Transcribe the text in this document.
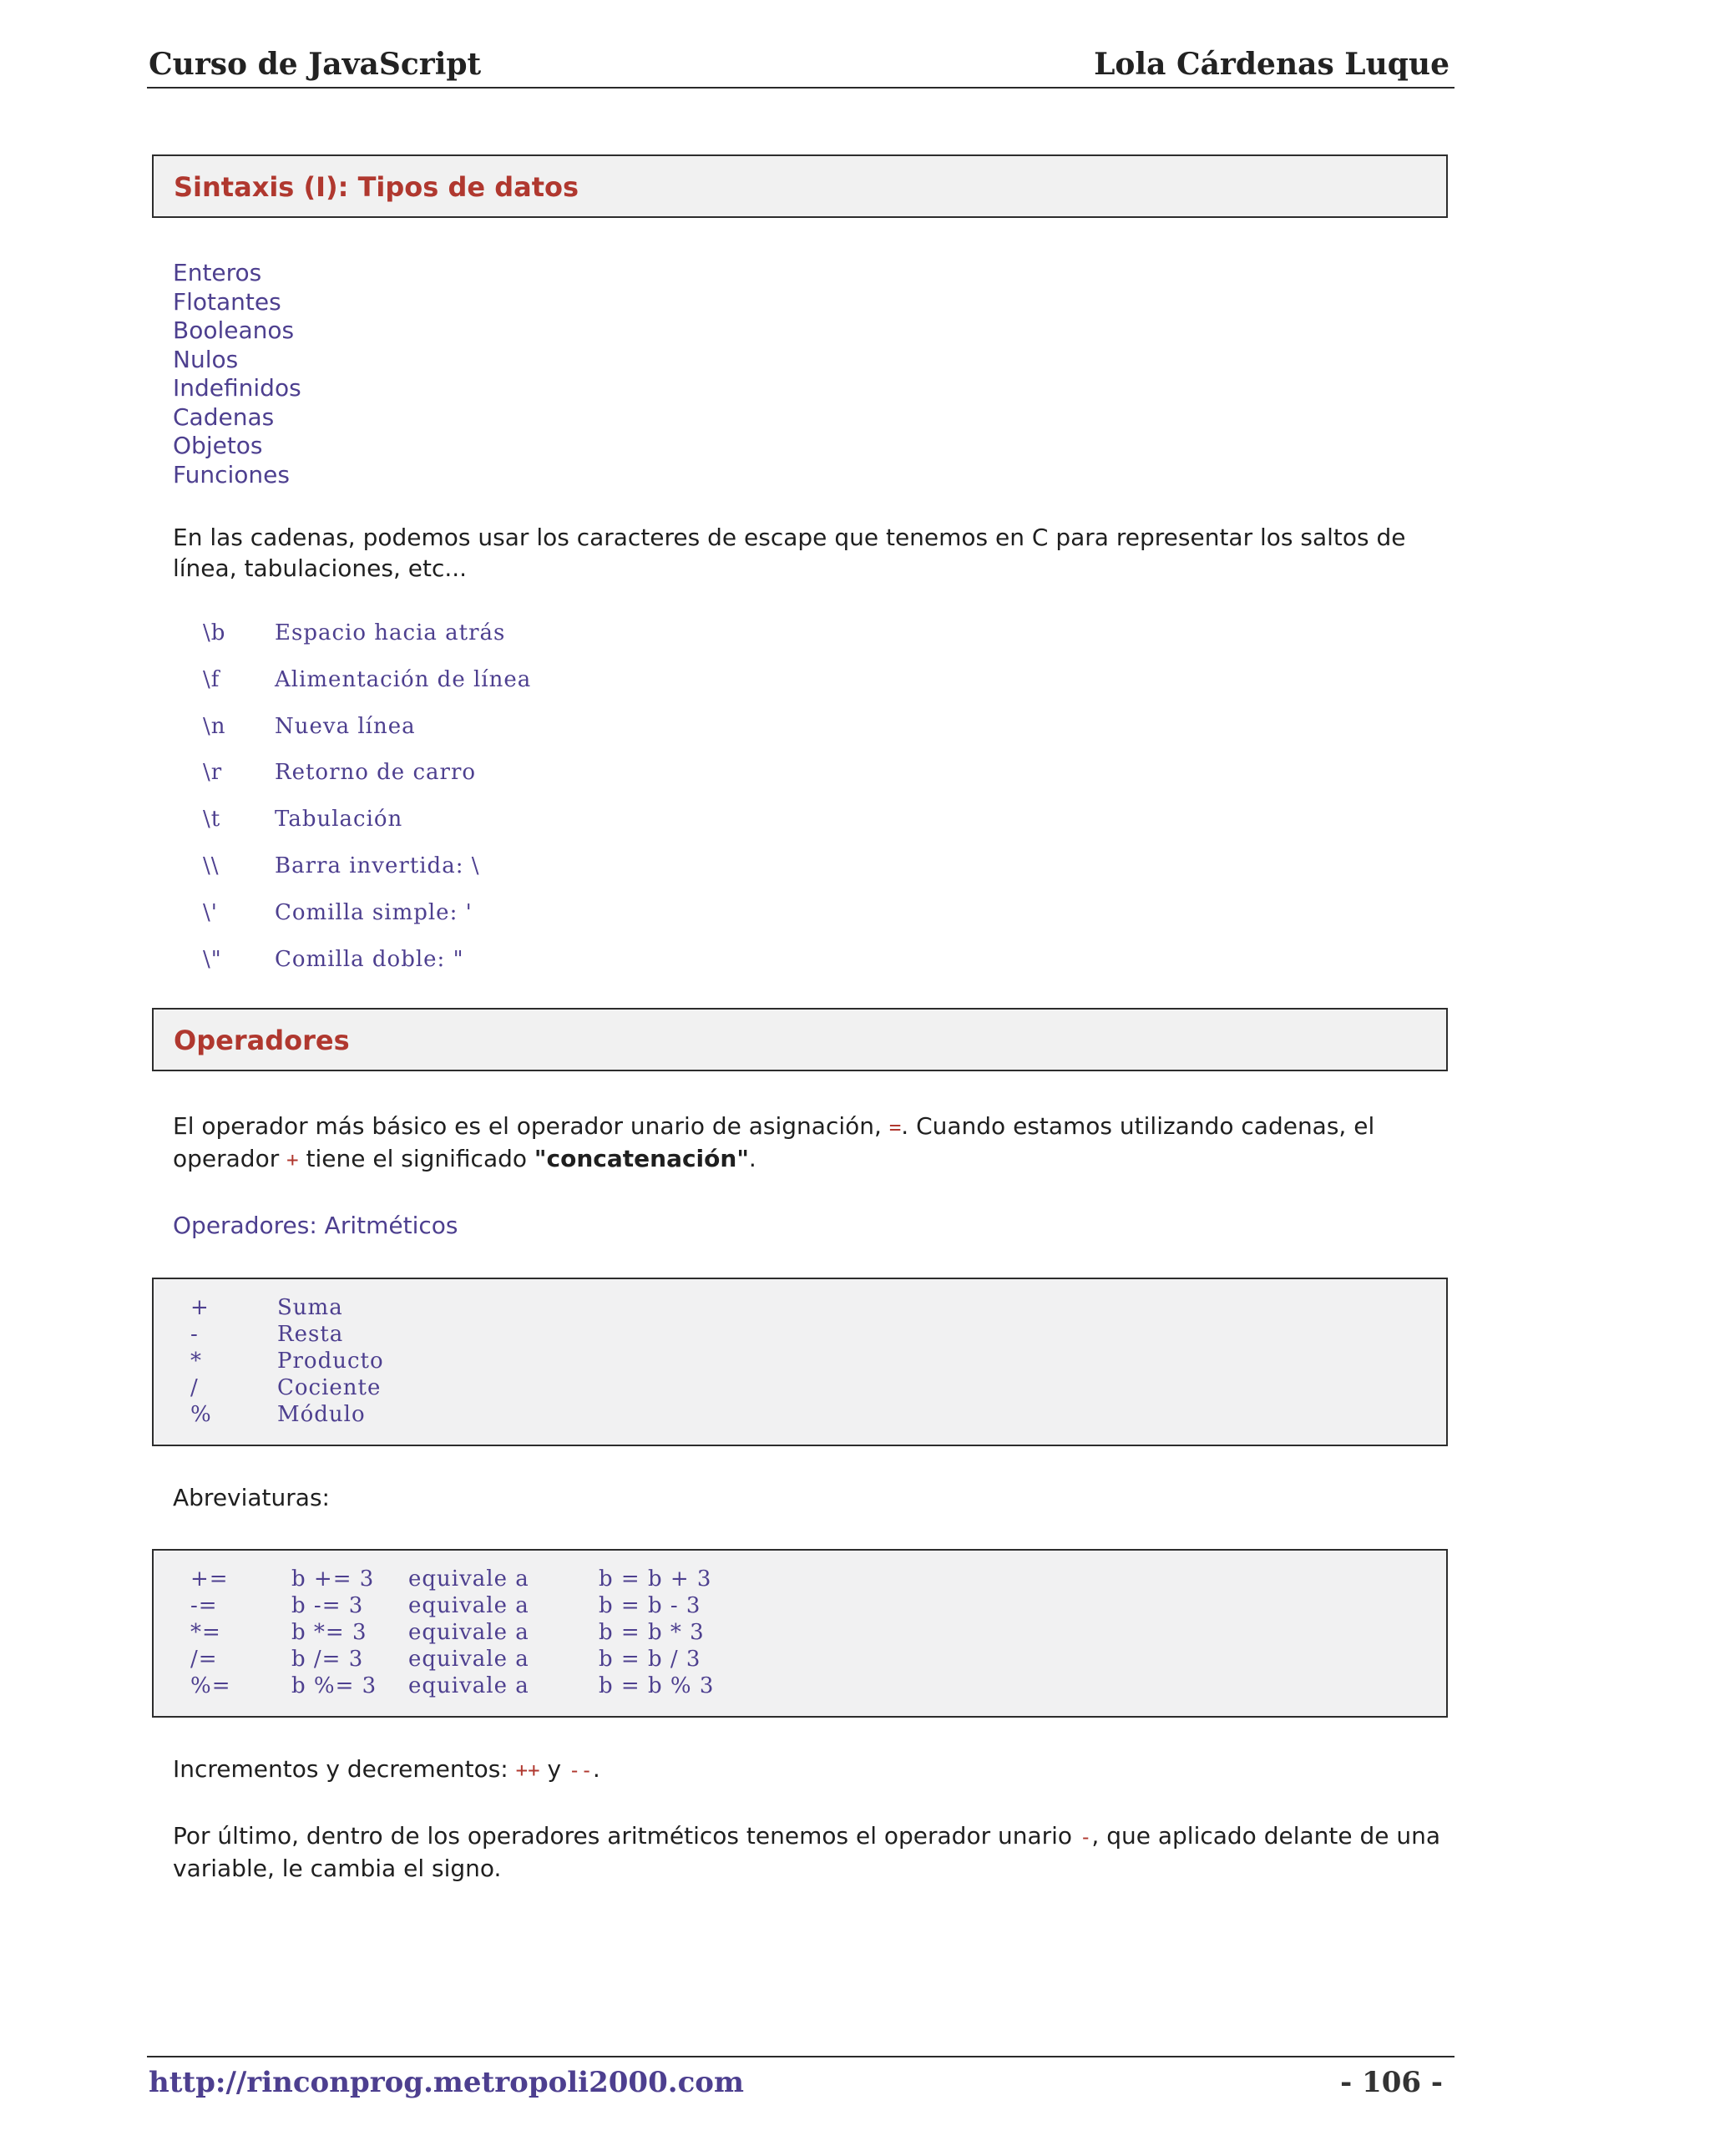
Curso de JavaScript	Lola Cárdenas Luque
Sintaxis (I): Tipos de datos
Enteros
Flotantes
Booleanos
Nulos
Indefinidos
Cadenas
Objetos
Funciones
En las cadenas, podemos usar los caracteres de escape que tenemos en C para representar los saltos de línea, tabulaciones, etc...
\b Espacio hacia atrás
\f	Alimentación de línea
\n Nueva línea
\r Retorno de carro
\t Tabulación
\\	Barra invertida: \
\'	Comilla simple: '
\" Comilla doble: "
Operadores
El operador más básico es el operador unario de asignación, =. Cuando estamos utilizando cadenas, el operador + tiene el significado "concatenación".
Operadores: Aritméticos
+	Suma
-	Resta
*	Producto
/	Cociente
%	Módulo
Abreviaturas:
+=	b += 3 equivale a	b = b + 3
-=	b -= 3 equivale a	b = b - 3
*=	b *= 3 equivale a	b = b * 3
/=	b /= 3 equivale a	b = b / 3
%=	b %= 3 equivale a	b = b % 3
Incrementos y decrementos: ++ y --.
Por último, dentro de los operadores aritméticos tenemos el operador unario -, que aplicado delante de una variable, le cambia el signo.
http://rinconprog.metropoli2000.com	- 106 -
